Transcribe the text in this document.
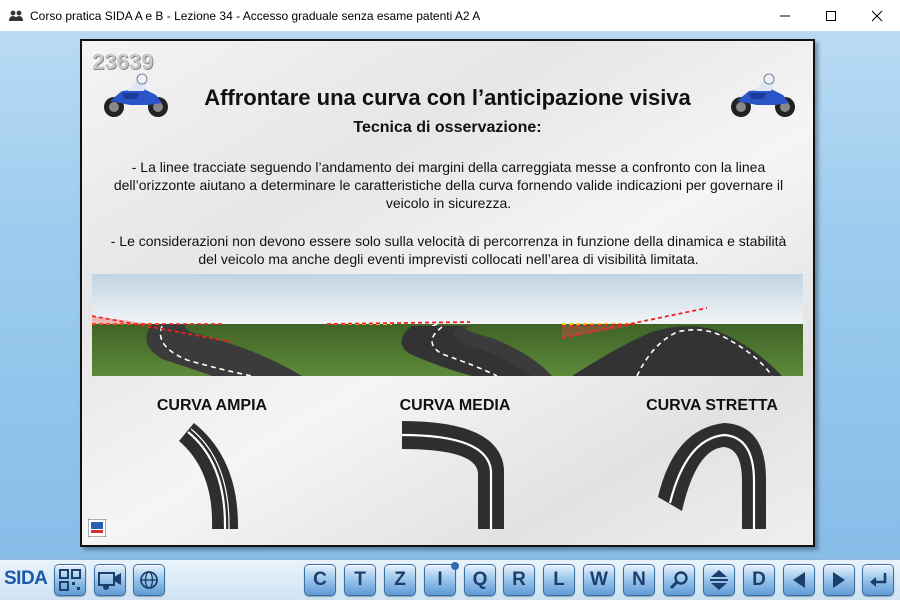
Corso pratica SIDA A e B - Lezione 34 - Accesso graduale senza esame patenti A2 A
23639
Affrontare una curva con l’anticipazione visiva
Tecnica di osservazione:
- La linee tracciate seguendo l’andamento dei margini della carreggiata messe a confronto con la linea dell’orizzonte aiutano a determinare le caratteristiche della curva fornendo valide indicazioni per governare il veicolo in sicurezza.
- Le considerazioni non devono essere solo sulla velocità di percorrenza in funzione della dinamica e stabilità del veicolo ma anche degli eventi imprevisti collocati nell’area di visibilità limitata.
CURVA AMPIA	CURVA MEDIA	CURVA STRETTA
SIDA	C	T	Z	I	Q	R	L	W	N	D
